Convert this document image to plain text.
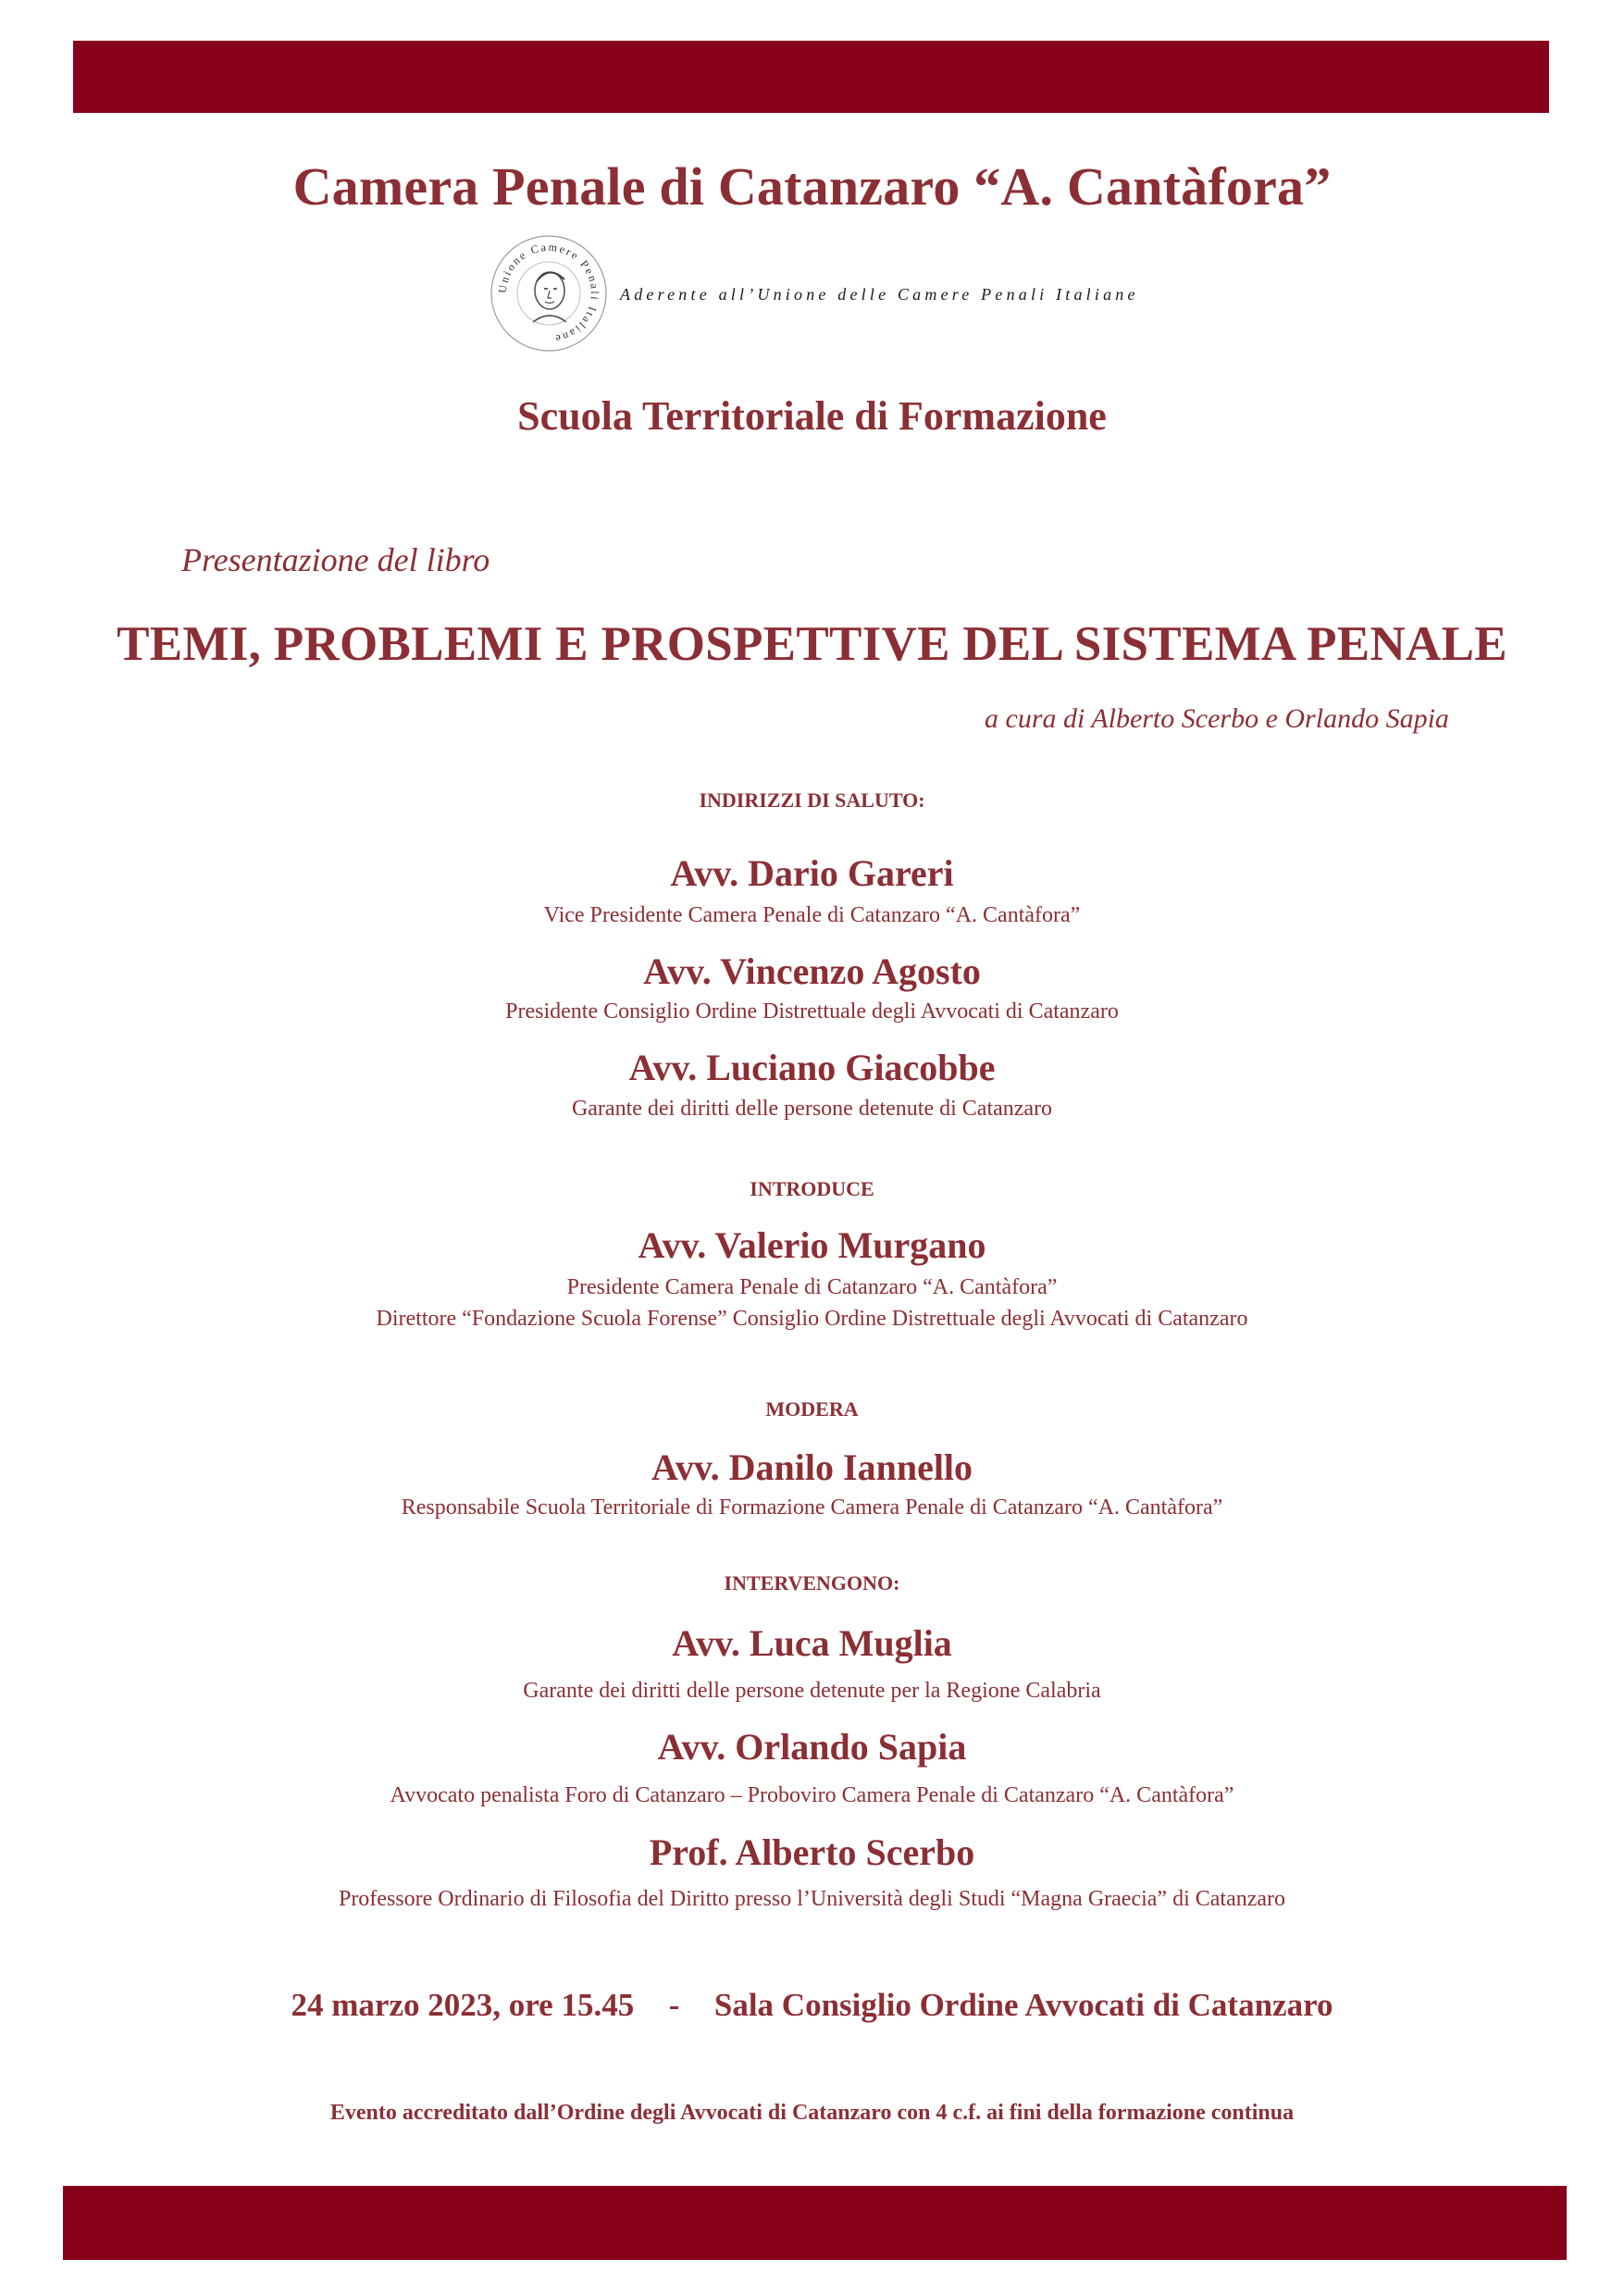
Camera Penale di Catanzaro “A. Cantàfora”
Unione Camere Penali Italiane
Aderente all’Unione delle Camere Penali Italiane
Scuola Territoriale di Formazione
Presentazione del libro
TEMI, PROBLEMI E PROSPETTIVE DEL SISTEMA PENALE
a cura di Alberto Scerbo e Orlando Sapia
INDIRIZZI DI SALUTO:
Avv. Dario Gareri
Vice Presidente Camera Penale di Catanzaro “A. Cantàfora”
Avv. Vincenzo Agosto
Presidente Consiglio Ordine Distrettuale degli Avvocati di Catanzaro
Avv. Luciano Giacobbe
Garante dei diritti delle persone detenute di Catanzaro
INTRODUCE
Avv. Valerio Murgano
Presidente Camera Penale di Catanzaro “A. Cantàfora”
Direttore “Fondazione Scuola Forense” Consiglio Ordine Distrettuale degli Avvocati di Catanzaro
MODERA
Avv. Danilo Iannello
Responsabile Scuola Territoriale di Formazione Camera Penale di Catanzaro “A. Cantàfora”
INTERVENGONO:
Avv. Luca Muglia
Garante dei diritti delle persone detenute per la Regione Calabria
Avv. Orlando Sapia
Avvocato penalista Foro di Catanzaro – Proboviro Camera Penale di Catanzaro “A. Cantàfora”
Prof. Alberto Scerbo
Professore Ordinario di Filosofia del Diritto presso l’Università degli Studi “Magna Graecia” di Catanzaro
24 marzo 2023, ore 15.45 - Sala Consiglio Ordine Avvocati di Catanzaro
Evento accreditato dall’Ordine degli Avvocati di Catanzaro con 4 c.f. ai fini della formazione continua
